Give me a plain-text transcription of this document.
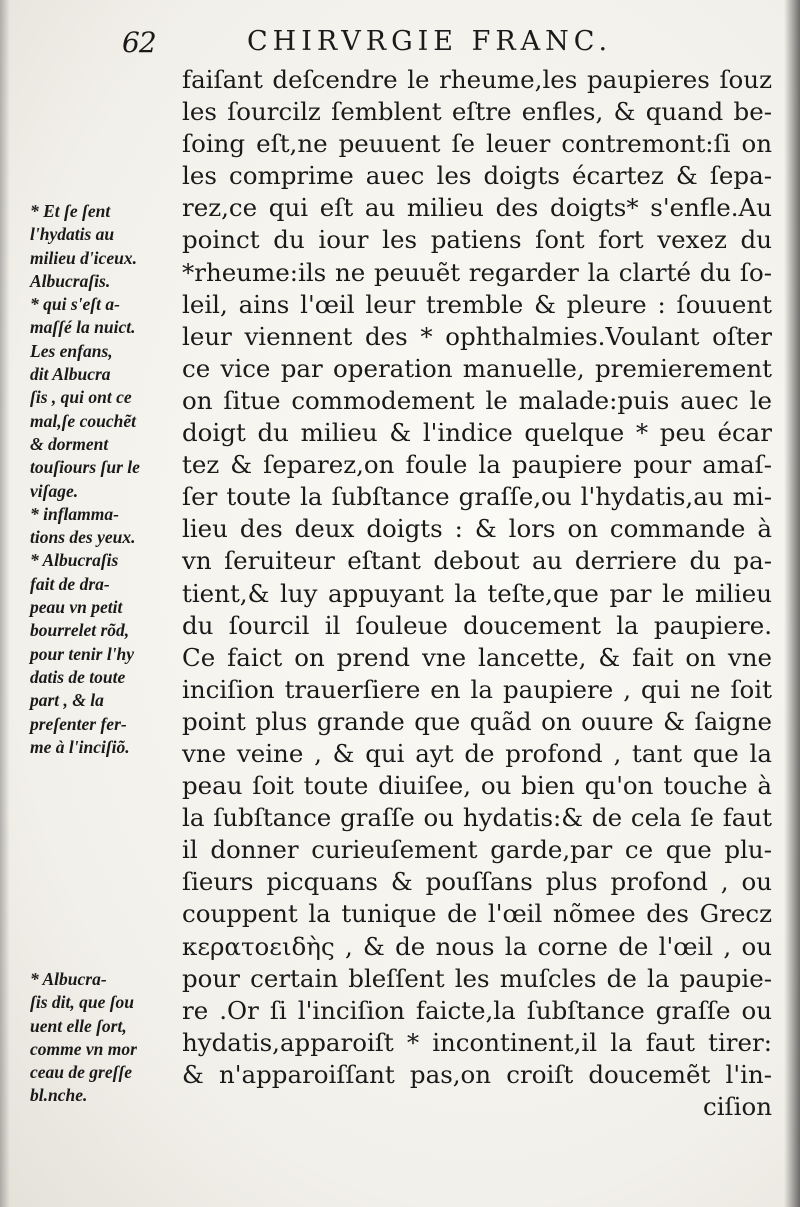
62	CHIRVRGIE FRANC.
faiſant deſcendre le rheume,les paupieres ſouz
les ſourcilz ſemblent eſtre enfles, & quand be-
ſoing eſt,ne peuuent ſe leuer contremont:ſi on
les comprime auec les doigts écartez & ſepa-
rez,ce qui eſt au milieu des doigts* s'enfle.Au
poinct du iour les patiens ſont fort vexez du
*rheume:ils ne peuuẽt regarder la clarté du ſo-
leil, ains l'œil leur tremble & pleure : ſouuent
leur viennent des * ophthalmies.Voulant oſter
ce vice par operation manuelle, premierement
on ſitue commodement le malade:puis auec le
doigt du milieu & l'indice quelque * peu écar
tez & ſeparez,on foule la paupiere pour amaſ-
ſer toute la ſubſtance graſſe,ou l'hydatis,au mi-
lieu des deux doigts : & lors on commande à
vn ſeruiteur eſtant debout au derriere du pa-
tient,& luy appuyant la teſte,que par le milieu
du ſourcil il ſouleue doucement la paupiere.
Ce faict on prend vne lancette, & fait on vne
inciſion trauerſiere en la paupiere , qui ne ſoit
point plus grande que quãd on ouure & ſaigne
vne veine , & qui ayt de profond , tant que la
peau ſoit toute diuiſee, ou bien qu'on touche à
la ſubſtance graſſe ou hydatis:& de cela ſe faut
il donner curieuſement garde,par ce que plu-
ſieurs picquans & pouſſans plus profond , ou
couppent la tunique de l'œil nõmee des Grecz
κερατοειδὴς , & de nous la corne de l'œil , ou
pour certain bleſſent les muſcles de la paupie-
re .Or ſi l'inciſion faicte,la ſubſtance graſſe ou
hydatis,apparoiſt * incontinent,il la faut tirer:
& n'apparoiſſant pas,on croiſt doucemẽt l'in-
ciſion
* Et ſe ſent
l'hydatis au
milieu d'iceux.
Albucraſis.
* qui s'eſt a-
maſſé la nuict.
Les enfans,
dit Albucra
ſis , qui ont ce
mal,ſe couchẽt
& dorment
touſiours ſur le
viſage.
* inflamma-
tions des yeux.
* Albucraſis
fait de dra-
peau vn petit
bourrelet rõd,
pour tenir l'hy
datis de toute
part , & la
preſenter fer-
me à l'inciſiõ.
* Albucra-
ſis dit, que ſou
uent elle ſort,
comme vn mor
ceau de greſſe
bl.nche.
